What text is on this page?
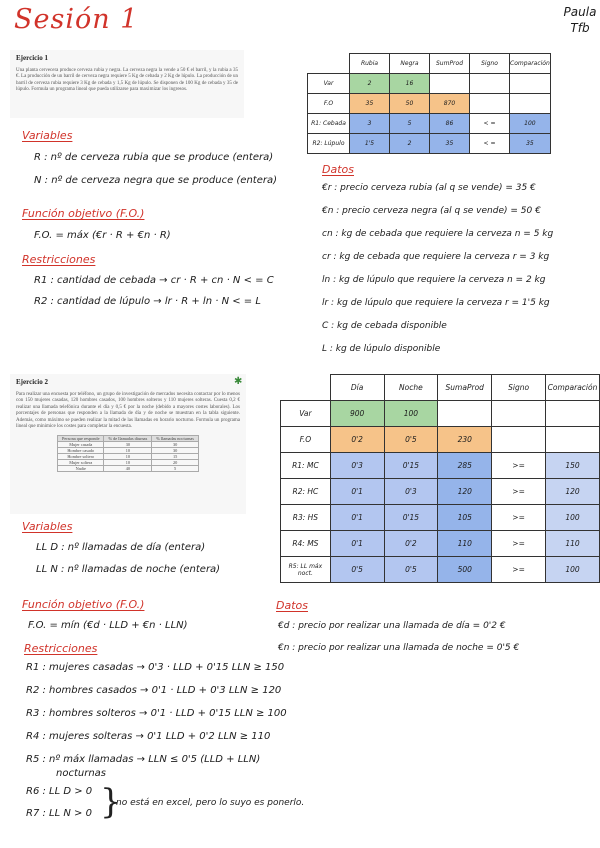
Sesión 1	Paula
Tfb
Ejercicio 1

Una planta cervecera produce cerveza rubia y negra. La cerveza negra la vende a 50 € el barril, y la rubia a 35 €. La producción de un barril de cerveza negra requiere 5 Kg de cebada y 2 Kg de lúpulo. La producción de un barril de cerveza rubia requiere 3 Kg de cebada y 1,5 Kg de lúpulo. Se disponen de 100 Kg de cebada y 35 de lúpulo. Formula un programa lineal que pueda utilizarse para maximizar los ingresos.

	Rubia	Negra	SumProd	Signo	Comparación
Var	2	16			
F.O	35	50	870		
R1: Cebada	3	5	86	< =	100
R2: Lúpulo	1'5	2	35	< =	35
Variables
R : nº de cerveza rubia que se produce (entera)
N : nº de cerveza negra que se produce (entera)
Función objetivo (F.O.)
F.O. = máx (€r · R + €n · R)
Restricciones
R1 : cantidad de cebada → cr · R + cn · N < = C
R2 : cantidad de lúpulo → lr · R + ln · N < = L
Datos
€r : precio cerveza rubia (al q se vende) = 35 €
€n : precio cerveza negra (al q se vende) = 50 €
cn : kg de cebada que requiere la cerveza n = 5 kg
cr : kg de cebada que requiere la cerveza r = 3 kg
ln : kg de lúpulo que requiere la cerveza n = 2 kg
lr : kg de lúpulo que requiere la cerveza r = 1'5 kg
C : kg de cebada disponible
L : kg de lúpulo disponible
Ejercicio 2

Para realizar una encuesta por teléfono, un grupo de investigación de mercados necesita contactar por lo menos con 150 mujeres casadas, 120 hombres casados, 100 hombres solteros y 110 mujeres solteras. Cuesta 0,2 € realizar una llamada telefónica durante el día y 0,5 € por la noche (debido a mayores costes laborales). Los porcentajes de personas que responden a la llamada de día y de noche se muestran en la tabla siguiente. Además, como máximo se pueden realizar la mitad de las llamadas en horario nocturno. Formula un programa lineal que minimice los costes para completar la encuesta.

Persona que responde	% de llamadas diurnas	% llamadas nocturnas
Mujer casada	30	30
Hombre casado	10	30
Hombre soltero	10	15
Mujer soltera	10	20
Nadie	40	5
✱
	Día	Noche	SumaProd	Signo	Comparación
Var	900	100			
F.O	0'2	0'5	230		
R1: MC	0'3	0'15	285	>=	150
R2: HC	0'1	0'3	120	>=	120
R3: HS	0'1	0'15	105	>=	100
R4: MS	0'1	0'2	110	>=	110
R5: LL máx noct.	0'5	0'5	500	>=	100
Variables
LL D : nº llamadas de día (entera)
LL N : nº llamadas de noche (entera)
Función objetivo (F.O.)
F.O. = mín (€d · LLD + €n · LLN)
Restricciones
R1 : mujeres casadas → 0'3 · LLD + 0'15 LLN ≥ 150
R2 : hombres casados → 0'1 · LLD + 0'3 LLN ≥ 120
R3 : hombres solteros → 0'1 · LLD + 0'15 LLN ≥ 100
R4 : mujeres solteras → 0'1 LLD + 0'2 LLN ≥ 110
R5 : nº máx llamadas → LLN ≤ 0'5 (LLD + LLN)
nocturnas
R6 : LL D > 0
R7 : LL N > 0 }
no está en excel, pero lo suyo es ponerlo.
Datos
€d : precio por realizar una llamada de día = 0'2 €
€n : precio por realizar una llamada de noche = 0'5 €
